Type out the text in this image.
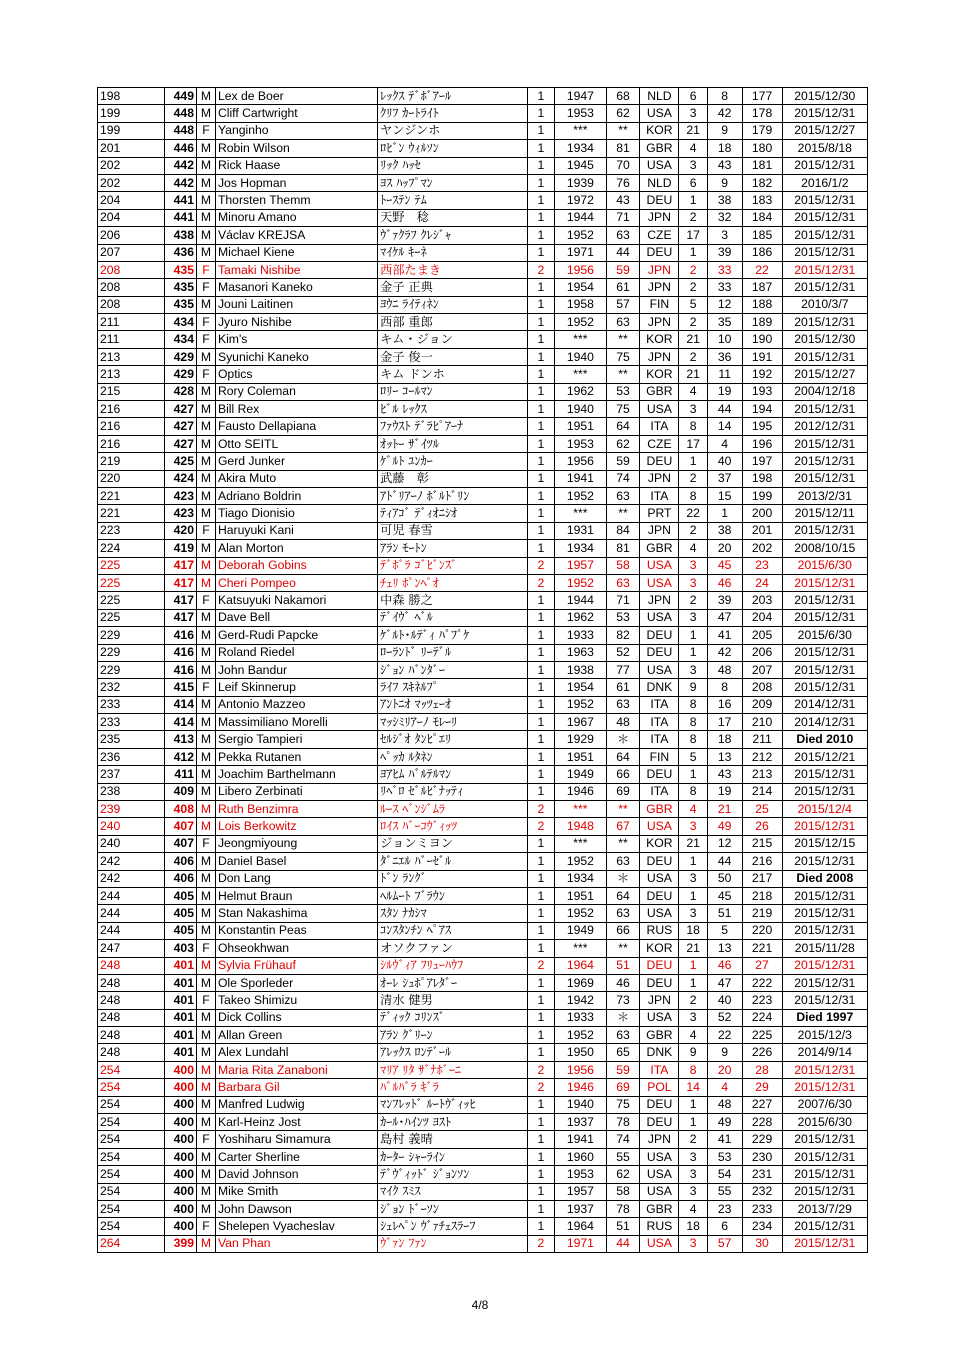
198	449	M	Lex de Boer	ﾚｯｸｽ ﾃﾞﾎﾞｱｰﾙ	1	1947	68	NLD	6	8	177	2015/12/30
199	448	M	Cliff Cartwright	ｸﾘﾌ ｶｰﾄﾗｲﾄ	1	1953	62	USA	3	42	178	2015/12/31
199	448	F	Yanginho	ヤンジンホ	1	***	**	KOR	21	9	179	2015/12/27
201	446	M	Robin Wilson	ﾛﾋﾞﾝ ｳｨﾙｿﾝ	1	1934	81	GBR	4	18	180	2015/8/18
202	442	M	Rick Haase	ﾘｯｸ ﾊｯｾ	1	1945	70	USA	3	43	181	2015/12/31
202	442	M	Jos Hopman	ﾖｽ ﾊｯﾌﾟﾏﾝ	1	1939	76	NLD	6	9	182	2016/1/2
204	441	M	Thorsten Themm	ﾄｰｽﾃﾝ ﾃﾑ	1	1972	43	DEU	1	38	183	2015/12/31
204	441	M	Minoru Amano	天野　稔	1	1944	71	JPN	2	32	184	2015/12/31
206	438	M	Václav KREJSA	ｳﾞｧｸﾗﾌ ｸﾚｼﾞｬ	1	1952	63	CZE	17	3	185	2015/12/31
207	436	M	Michael Kiene	ﾏｲｹﾙ ｷｰﾈ	1	1971	44	DEU	1	39	186	2015/12/31
208	435	F	Tamaki Nishibe	西部たまき	2	1956	59	JPN	2	33	22	2015/12/31
208	435	F	Masanori Kaneko	金子 正典	1	1954	61	JPN	2	33	187	2015/12/31
208	435	M	Jouni Laitinen	ﾖｳﾆ ﾗｲﾃｨﾈﾝ	1	1958	57	FIN	5	12	188	2010/3/7
211	434	F	Jyuro Nishibe	西部 重郎	1	1952	63	JPN	2	35	189	2015/12/31
211	434	F	Kim's	キム・ジョン	1	***	**	KOR	21	10	190	2015/12/30
213	429	M	Syunichi Kaneko	金子 俊一	1	1940	75	JPN	2	36	191	2015/12/31
213	429	F	Optics	キム ドンホ	1	***	**	KOR	21	11	192	2015/12/27
215	428	M	Rory Coleman	ﾛﾘｰ ｺｰﾙﾏﾝ	1	1962	53	GBR	4	19	193	2004/12/18
216	427	M	Bill Rex	ﾋﾞﾙ ﾚｯｸｽ	1	1940	75	USA	3	44	194	2015/12/31
216	427	M	Fausto Dellapiana	ﾌｧｳｽﾄ ﾃﾞﾗﾋﾟｱｰﾅ	1	1951	64	ITA	8	14	195	2012/12/31
216	427	M	Otto SEITL	ｵｯﾄｰ ｻﾞｲﾂﾙ	1	1953	62	CZE	17	4	196	2015/12/31
219	425	M	Gerd Junker	ｹﾞﾙﾄ ﾕﾝｶｰ	1	1956	59	DEU	1	40	197	2015/12/31
220	424	M	Akira Muto	武藤　彰	1	1941	74	JPN	2	37	198	2015/12/31
221	423	M	Adriano Boldrin	ｱﾄﾞﾘｱｰﾉ ﾎﾞﾙﾄﾞﾘﾝ	1	1952	63	ITA	8	15	199	2013/2/31
221	423	M	Tiago Dionisio	ﾃｨｱｺﾞ ﾃﾞｨｵﾆｼｵ	1	***	**	PRT	22	1	200	2015/12/11
223	420	F	Haruyuki Kani	可児 春雪	1	1931	84	JPN	2	38	201	2015/12/31
224	419	M	Alan Morton	ｱﾗﾝ ﾓｰﾄﾝ	1	1934	81	GBR	4	20	202	2008/10/15
225	417	M	Deborah Gobins	ﾃﾞﾎﾞﾗ ｺﾞﾋﾞﾝｽﾞ	2	1957	58	USA	3	45	23	2015/6/30
225	417	M	Cheri Pompeo	ﾁｪﾘ ﾎﾟﾝﾍﾟｵ	2	1952	63	USA	3	46	24	2015/12/31
225	417	F	Katsuyuki Nakamori	中森 勝之	1	1944	71	JPN	2	39	203	2015/12/31
225	417	M	Dave Bell	ﾃﾞｲｳﾞ ﾍﾞﾙ	1	1962	53	USA	3	47	204	2015/12/31
229	416	M	Gerd-Rudi Papcke	ｹﾞﾙﾄ･ﾙﾃﾞｨ ﾊﾟﾌﾟｹ	1	1933	82	DEU	1	41	205	2015/6/30
229	416	M	Roland Riedel	ﾛｰﾗﾝﾄﾞ ﾘｰﾃﾞﾙ	1	1963	52	DEU	1	42	206	2015/12/31
229	416	M	John Bandur	ｼﾞｮﾝ ﾊﾞﾝﾀﾞｰ	1	1938	77	USA	3	48	207	2015/12/31
232	415	F	Leif Skinnerup	ﾗｲﾌ ｽｷﾈﾙﾌﾟ	1	1954	61	DNK	9	8	208	2015/12/31
233	414	M	Antonio Mazzeo	ｱﾝﾄﾆｵ ﾏｯﾂｪｰｵ	1	1952	63	ITA	8	16	209	2014/12/31
233	414	M	Massimiliano Morelli	ﾏｯｼﾐﾘｱｰﾉ ﾓﾚｰﾘ	1	1967	48	ITA	8	17	210	2014/12/31
235	413	M	Sergio Tampieri	ｾﾙｼﾞｵ ﾀﾝﾋﾟｴﾘ	1	1929	＊	ITA	8	18	211	Died 2010
236	412	M	Pekka Rutanen	ﾍﾟｯｶ ﾙﾀﾈﾝ	1	1951	64	FIN	5	13	212	2015/12/21
237	411	M	Joachim Barthelmann	ﾖｱﾋﾑ ﾊﾞﾙﾃﾙﾏﾝ	1	1949	66	DEU	1	43	213	2015/12/31
238	409	M	Libero Zerbinati	ﾘﾍﾞﾛ ｾﾞﾙﾋﾞﾅｯﾃｨ	1	1946	69	ITA	8	19	214	2015/12/31
239	408	M	Ruth Benzimra	ﾙｰｽ ﾍﾞﾝｼﾞﾑﾗ	2	***	**	GBR	4	21	25	2015/12/4
240	407	M	Lois Berkowitz	ﾛｲｽ ﾊﾞｰｺｳﾞｨｯﾂ	2	1948	67	USA	3	49	26	2015/12/31
240	407	F	Jeongmiyoung	ジョンミヨン	1	***	**	KOR	21	12	215	2015/12/15
242	406	M	Daniel Basel	ﾀﾞﾆｴﾙ ﾊﾞｰｾﾞﾙ	1	1952	63	DEU	1	44	216	2015/12/31
242	406	M	Don Lang	ﾄﾞﾝ ﾗﾝｸﾞ	1	1934	＊	USA	3	50	217	Died 2008
244	405	M	Helmut Braun	ﾍﾙﾑｰﾄ ﾌﾞﾗｳﾝ	1	1951	64	DEU	1	45	218	2015/12/31
244	405	M	Stan Nakashima	ｽﾀﾝ ﾅｶｼﾏ	1	1952	63	USA	3	51	219	2015/12/31
244	405	M	Konstantin Peas	ｺﾝｽﾀﾝﾁﾝ ﾍﾟｱｽ	1	1949	66	RUS	18	5	220	2015/12/31
247	403	F	Ohseokhwan	オソクファン	1	***	**	KOR	21	13	221	2015/11/28
248	401	M	Sylvia Frühauf	ｼﾙｳﾞｨｱ ﾌﾘｭｰﾊｳﾌ	2	1964	51	DEU	1	46	27	2015/12/31
248	401	M	Ole Sporleder	ｵｰﾚ ｼｭﾎﾟｱﾚﾀﾞｰ	1	1969	46	DEU	1	47	222	2015/12/31
248	401	F	Takeo Shimizu	清水 健男	1	1942	73	JPN	2	40	223	2015/12/31
248	401	M	Dick Collins	ﾃﾞｨｯｸ ｺﾘﾝｽﾞ	1	1933	＊	USA	3	52	224	Died 1997
248	401	M	Allan Green	ｱﾗﾝ ｸﾞﾘｰﾝ	1	1952	63	GBR	4	22	225	2015/12/3
248	401	M	Alex Lundahl	ｱﾚｯｸｽ ﾛﾝﾃﾞｰﾙ	1	1950	65	DNK	9	9	226	2014/9/14
254	400	M	Maria Rita Zanaboni	ﾏﾘｱ ﾘﾀ ｻﾞﾅﾎﾞｰﾆ	2	1956	59	ITA	8	20	28	2015/12/31
254	400	M	Barbara Gil	ﾊﾞﾙﾊﾞﾗ ｷﾞﾗ	2	1946	69	POL	14	4	29	2015/12/31
254	400	M	Manfred Ludwig	ﾏﾝﾌﾚｯﾄﾞ ﾙｰﾄｳﾞｨｯﾋ	1	1940	75	DEU	1	48	227	2007/6/30
254	400	M	Karl-Heinz Jost	ｶｰﾙ･ﾊｲﾝﾂ ﾖｽﾄ	1	1937	78	DEU	1	49	228	2015/6/30
254	400	F	Yoshiharu Simamura	島村 義晴	1	1941	74	JPN	2	41	229	2015/12/31
254	400	M	Carter Sherline	ｶｰﾀｰ ｼｬｰﾗｲﾝ	1	1960	55	USA	3	53	230	2015/12/31
254	400	M	David Johnson	ﾃﾞｳﾞｨｯﾄﾞ ｼﾞｮﾝｿﾝ	1	1953	62	USA	3	54	231	2015/12/31
254	400	M	Mike Smith	ﾏｲｸ ｽﾐｽ	1	1957	58	USA	3	55	232	2015/12/31
254	400	M	John Dawson	ｼﾞｮﾝ ﾄﾞｰｿﾝ	1	1937	78	GBR	4	23	233	2013/7/29
254	400	F	Shelepen Vyacheslav	ｼｪﾚﾍﾟﾝ ｳﾞｧﾁｪｽﾗｰﾌ	1	1964	51	RUS	18	6	234	2015/12/31
264	399	M	Van Phan	ｳﾞｧﾝ ﾌｧﾝ	2	1971	44	USA	3	57	30	2015/12/31
4/8
